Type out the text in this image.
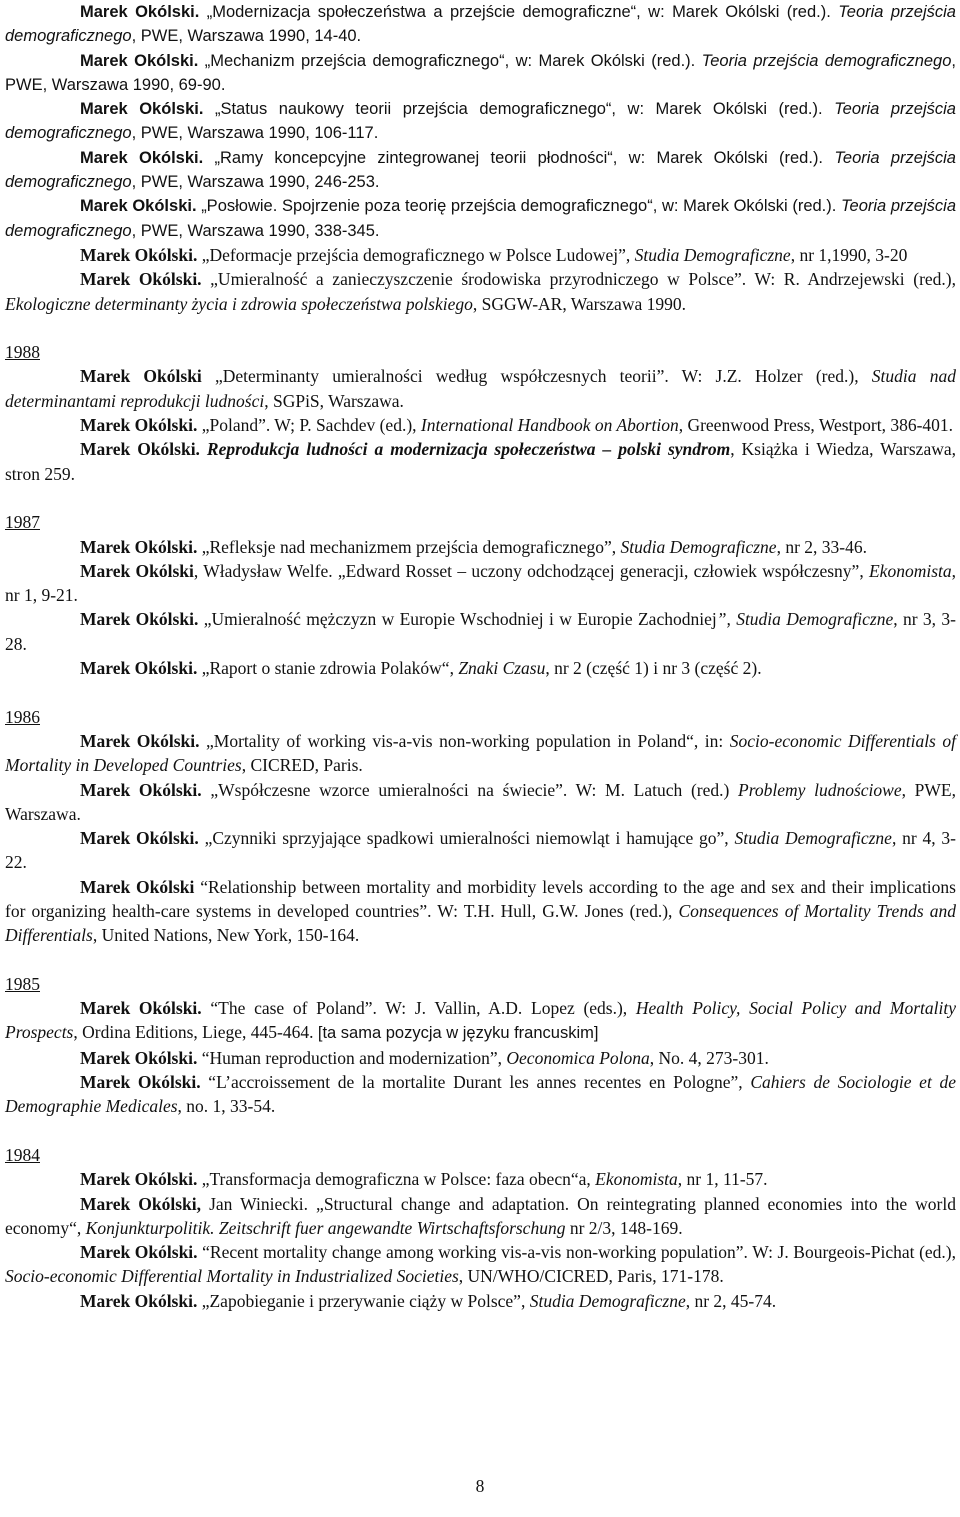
Marek Okólski. „Modernizacja społeczeństwa a przejście demograficzne“, w: Marek Okólski (red.). Teoria przejścia demograficznego, PWE, Warszawa 1990, 14-40.

Marek Okólski. „Mechanizm przejścia demograficznego“, w: Marek Okólski (red.). Teoria przejścia demograficznego, PWE, Warszawa 1990, 69-90.

Marek Okólski. „Status naukowy teorii przejścia demograficznego“, w: Marek Okólski (red.). Teoria przejścia demograficznego, PWE, Warszawa 1990, 106-117.

Marek Okólski. „Ramy koncepcyjne zintegrowanej teorii płodności“, w: Marek Okólski (red.). Teoria przejścia demograficznego, PWE, Warszawa 1990, 246-253.

Marek Okólski. „Posłowie. Spojrzenie poza teorię przejścia demograficznego“, w: Marek Okólski (red.). Teoria przejścia demograficznego, PWE, Warszawa 1990, 338-345.

Marek Okólski. „Deformacje przejścia demograficznego w Polsce Ludowej”, Studia Demograficzne, nr 1,1990, 3-20

Marek Okólski. „Umieralność a zanieczyszczenie środowiska przyrodniczego w Polsce”. W: R. Andrzejewski (red.), Ekologiczne determinanty życia i zdrowia społeczeństwa polskiego, SGGW-AR, Warszawa 1990.

1988

Marek Okólski „Determinanty umieralności według współczesnych teorii”. W: J.Z. Holzer (red.), Studia nad determinantami reprodukcji ludności, SGPiS, Warszawa.

Marek Okólski. „Poland”. W; P. Sachdev (ed.), International Handbook on Abortion, Greenwood Press, Westport, 386-401.

Marek Okólski. Reprodukcja ludności a modernizacja społeczeństwa – polski syndrom, Książka i Wiedza, Warszawa, stron 259.

1987

Marek Okólski. „Refleksje nad mechanizmem przejścia demograficznego”, Studia Demograficzne, nr 2, 33-46.

Marek Okólski, Władysław Welfe. „Edward Rosset – uczony odchodzącej generacji, człowiek współczesny”, Ekonomista, nr 1, 9-21.

Marek Okólski. „Umieralność mężczyzn w Europie Wschodniej i w Europie Zachodniej”, Studia Demograficzne, nr 3, 3-28.

Marek Okólski. „Raport o stanie zdrowia Polaków“, Znaki Czasu, nr 2 (część 1) i nr 3 (część 2).

1986

Marek Okólski. „Mortality of working vis-a-vis non-working population in Poland“, in: Socio-economic Differentials of Mortality in Developed Countries, CICRED, Paris.

Marek Okólski. „Współczesne wzorce umieralności na świecie”. W: M. Latuch (red.) Problemy ludnościowe, PWE, Warszawa.

Marek Okólski. „Czynniki sprzyjające spadkowi umieralności niemowląt i hamujące go”, Studia Demograficzne, nr 4, 3-22.

Marek Okólski “Relationship between mortality and morbidity levels according to the age and sex and their implications for organizing health-care systems in developed countries”. W: T.H. Hull, G.W. Jones (red.), Consequences of Mortality Trends and Differentials, United Nations, New York, 150-164.

1985

Marek Okólski. “The case of Poland”. W: J. Vallin, A.D. Lopez (eds.), Health Policy, Social Policy and Mortality Prospects, Ordina Editions, Liege, 445-464. [ta sama pozycja w języku francuskim]

Marek Okólski. “Human reproduction and modernization”, Oeconomica Polona, No. 4, 273-301.

Marek Okólski. “L’accroissement de la mortalite Durant les annes recentes en Pologne”, Cahiers de Sociologie et de Demographie Medicales, no. 1, 33-54.

1984

Marek Okólski. „Transformacja demograficzna w Polsce: faza obecn“a, Ekonomista, nr 1, 11-57.

Marek Okólski, Jan Winiecki. „Structural change and adaptation. On reintegrating planned economies into the world economy“, Konjunkturpolitik. Zeitschrift fuer angewandte Wirtschaftsforschung nr 2/3, 148-169.

Marek Okólski. “Recent mortality change among working vis-a-vis non-working population”. W: J. Bourgeois-Pichat (ed.), Socio-economic Differential Mortality in Industrialized Societies, UN/WHO/CICRED, Paris, 171-178.

Marek Okólski. „Zapobieganie i przerywanie ciąży w Polsce”, Studia Demograficzne, nr 2, 45-74.

8
